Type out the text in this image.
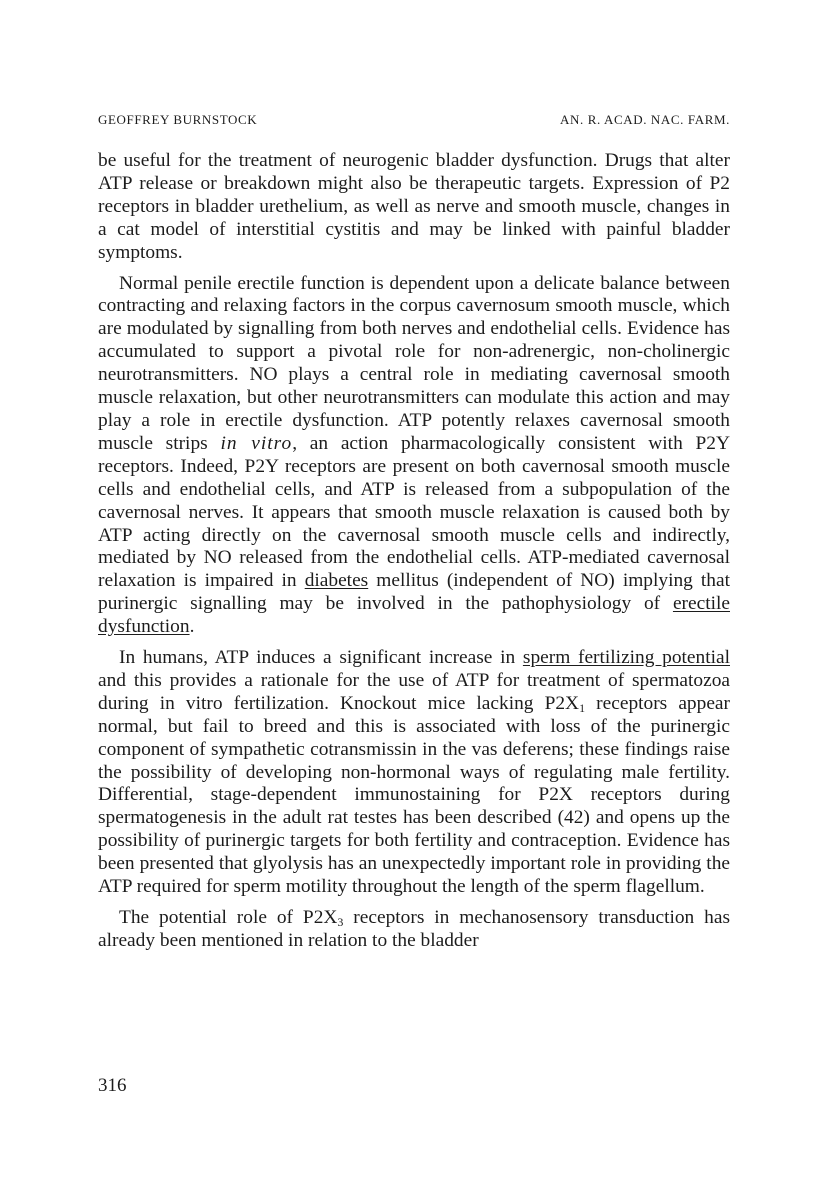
GEOFFREY BURNSTOCK	AN. R. ACAD. NAC. FARM.

be useful for the treatment of neurogenic bladder dysfunction. Drugs that alter ATP release or breakdown might also be therapeutic targets. Expression of P2 receptors in bladder urethelium, as well as nerve and smooth muscle, changes in a cat model of interstitial cystitis and may be linked with painful bladder symptoms.

Normal penile erectile function is dependent upon a delicate balance between contracting and relaxing factors in the corpus cavernosum smooth muscle, which are modulated by signalling from both nerves and endothelial cells. Evidence has accumulated to support a pivotal role for non-adrenergic, non-cholinergic neurotransmitters. NO plays a central role in mediating cavernosal smooth muscle relaxation, but other neurotransmitters can modulate this action and may play a role in erectile dysfunction. ATP potently relaxes cavernosal smooth muscle strips in vitro, an action pharmacologically consistent with P2Y receptors. Indeed, P2Y receptors are present on both cavernosal smooth muscle cells and endothelial cells, and ATP is released from a subpopulation of the cavernosal nerves. It appears that smooth muscle relaxation is caused both by ATP acting directly on the cavernosal smooth muscle cells and indirectly, mediated by NO released from the endothelial cells. ATP-mediated cavernosal relaxation is impaired in diabetes mellitus (independent of NO) implying that purinergic signalling may be involved in the pathophysiology of erectile dysfunction.

In humans, ATP induces a significant increase in sperm fertilizing potential and this provides a rationale for the use of ATP for treatment of spermatozoa during in vitro fertilization. Knockout mice lacking $P2X_1$ receptors appear normal, but fail to breed and this is associated with loss of the purinergic component of sympathetic cotransmissin in the vas deferens; these findings raise the possibility of developing non-hormonal ways of regulating male fertility. Differential, stage-dependent immunostaining for P2X receptors during spermatogenesis in the adult rat testes has been described (42) and opens up the possibility of purinergic targets for both fertility and contraception. Evidence has been presented that glyolysis has an unexpectedly important role in providing the ATP required for sperm motility throughout the length of the sperm flagellum.

The potential role of $P2X_3$ receptors in mechanosensory transduction has already been mentioned in relation to the bladder

316
